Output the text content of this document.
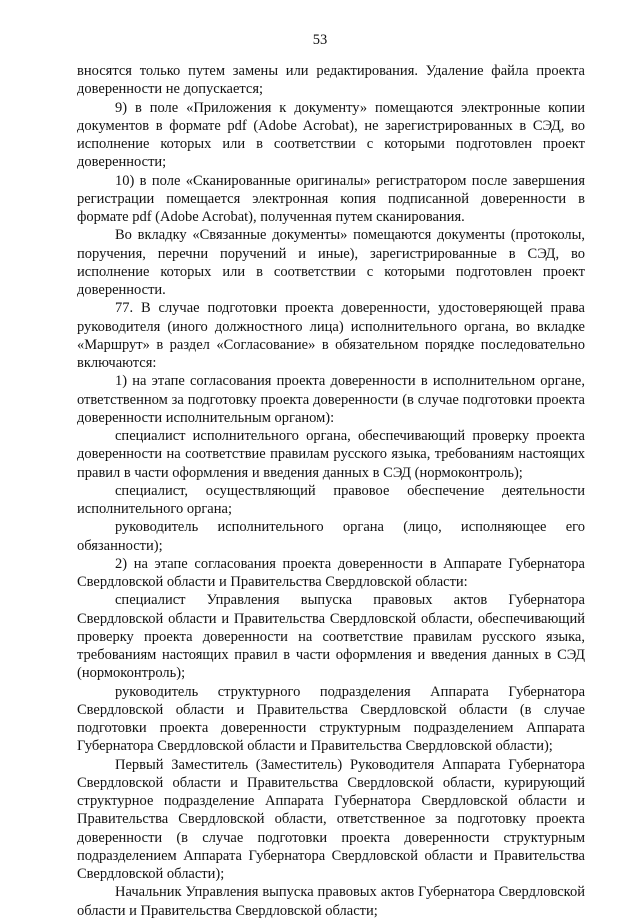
53

вносятся только путем замены или редактирования. Удаление файла проекта доверенности не допускается;

9) в поле «Приложения к документу» помещаются электронные копии документов в формате pdf (Adobe Acrobat), не зарегистрированных в СЭД, во исполнение которых или в соответствии с которыми подготовлен проект доверенности;

10) в поле «Сканированные оригиналы» регистратором после завершения регистрации помещается электронная копия подписанной доверенности в формате pdf (Adobe Acrobat), полученная путем сканирования.

Во вкладку «Связанные документы» помещаются документы (протоколы, поручения, перечни поручений и иные), зарегистрированные в СЭД, во исполнение которых или в соответствии с которыми подготовлен проект доверенности.

77. В случае подготовки проекта доверенности, удостоверяющей права руководителя (иного должностного лица) исполнительного органа, во вкладке «Маршрут» в раздел «Согласование» в обязательном порядке последовательно включаются:

1) на этапе согласования проекта доверенности в исполнительном органе, ответственном за подготовку проекта доверенности (в случае подготовки проекта доверенности исполнительным органом):

специалист исполнительного органа, обеспечивающий проверку проекта доверенности на соответствие правилам русского языка, требованиям настоящих правил в части оформления и введения данных в СЭД (нормоконтроль);

специалист, осуществляющий правовое обеспечение деятельности исполнительного органа;

руководитель исполнительного органа (лицо, исполняющее его обязанности);

2) на этапе согласования проекта доверенности в Аппарате Губернатора Свердловской области и Правительства Свердловской области:

специалист Управления выпуска правовых актов Губернатора Свердловской области и Правительства Свердловской области, обеспечивающий проверку проекта доверенности на соответствие правилам русского языка, требованиям настоящих правил в части оформления и введения данных в СЭД (нормоконтроль);

руководитель структурного подразделения Аппарата Губернатора Свердловской области и Правительства Свердловской области (в случае подготовки проекта доверенности структурным подразделением Аппарата Губернатора Свердловской области и Правительства Свердловской области);

Первый Заместитель (Заместитель) Руководителя Аппарата Губернатора Свердловской области и Правительства Свердловской области, курирующий структурное подразделение Аппарата Губернатора Свердловской области и Правительства Свердловской области, ответственное за подготовку проекта доверенности (в случае подготовки проекта доверенности структурным подразделением Аппарата Губернатора Свердловской области и Правительства Свердловской области);

Начальник Управления выпуска правовых актов Губернатора Свердловской области и Правительства Свердловской области;
